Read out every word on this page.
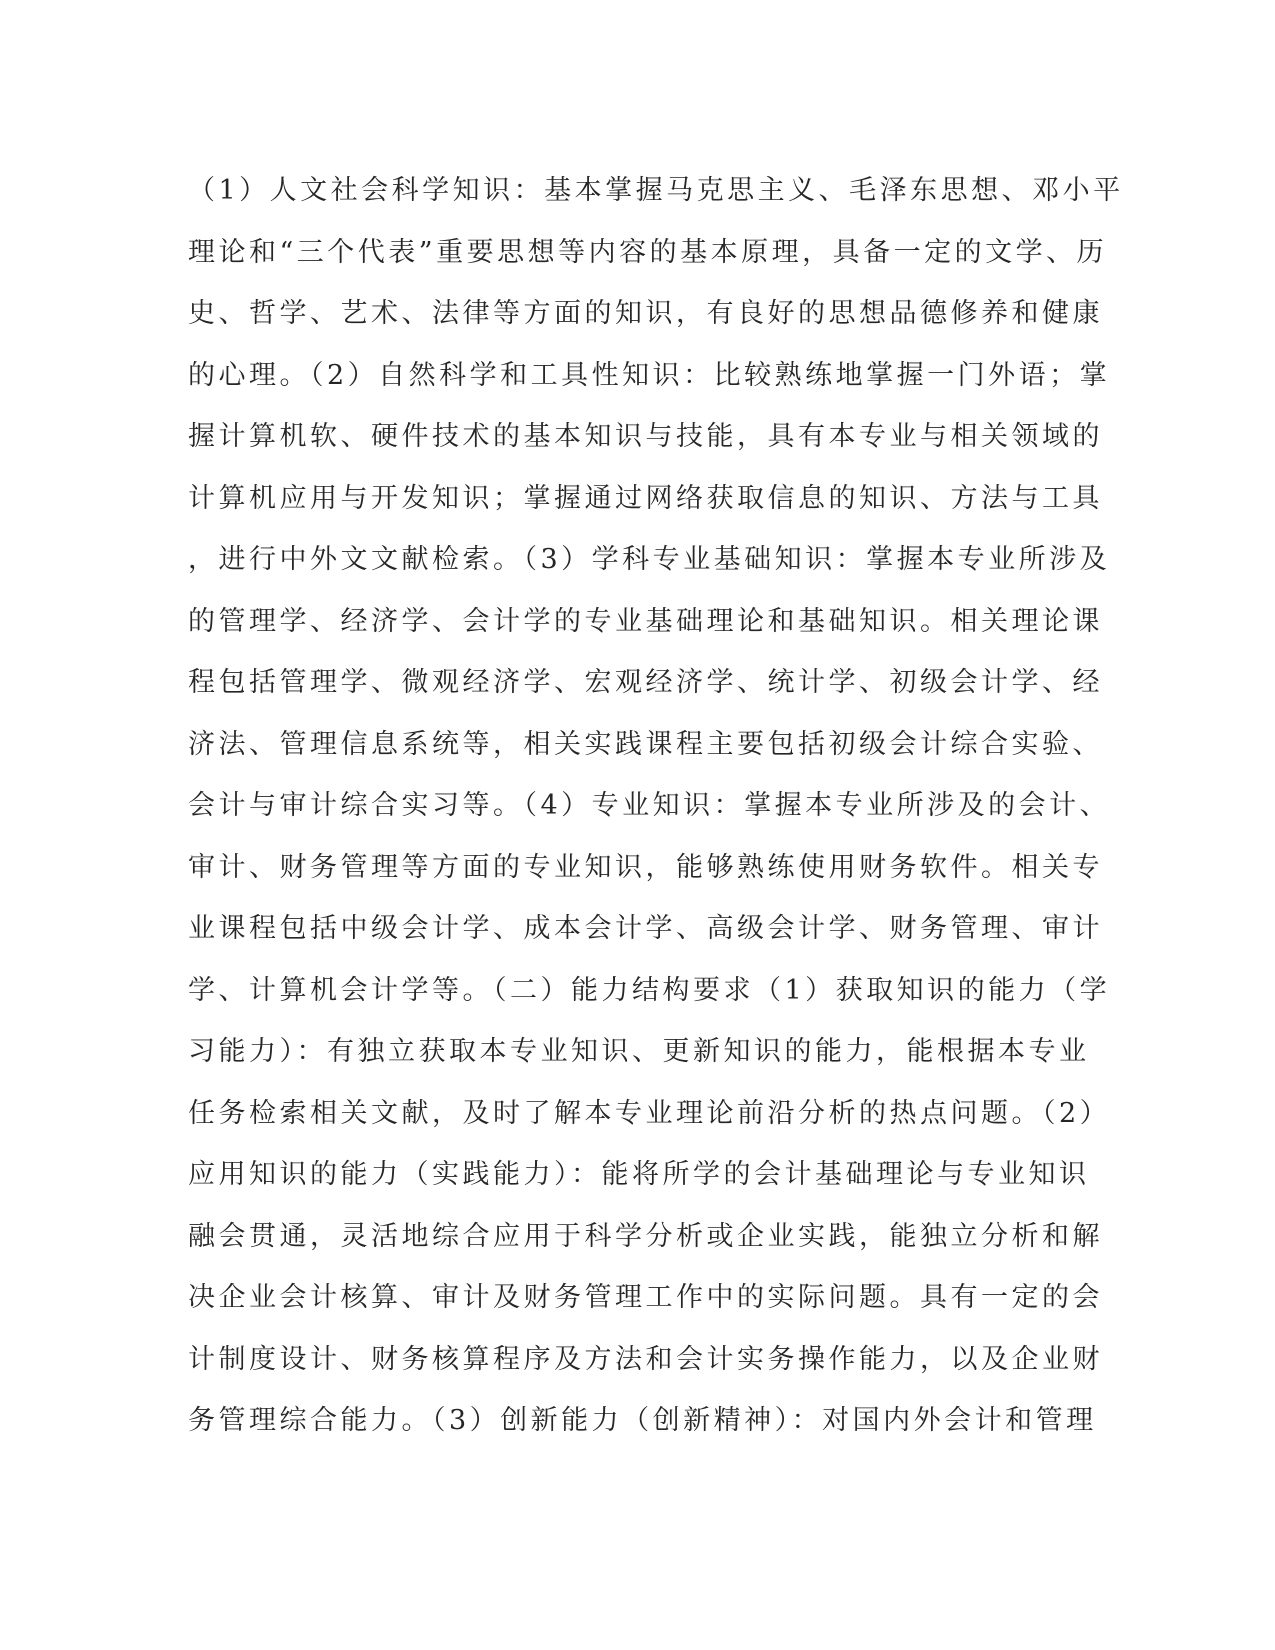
（1）人文社会科学知识：基本掌握马克思主义、毛泽东思想、邓小平
理论和“三个代表”重要思想等内容的基本原理，具备一定的文学、历
史、哲学、艺术、法律等方面的知识，有良好的思想品德修养和健康
的心理。（2）自然科学和工具性知识：比较熟练地掌握一门外语；掌
握计算机软、硬件技术的基本知识与技能，具有本专业与相关领域的
计算机应用与开发知识；掌握通过网络获取信息的知识、方法与工具
，进行中外文文献检索。（3）学科专业基础知识：掌握本专业所涉及
的管理学、经济学、会计学的专业基础理论和基础知识。相关理论课
程包括管理学、微观经济学、宏观经济学、统计学、初级会计学、经
济法、管理信息系统等，相关实践课程主要包括初级会计综合实验、
会计与审计综合实习等。（4）专业知识：掌握本专业所涉及的会计、
审计、财务管理等方面的专业知识，能够熟练使用财务软件。相关专
业课程包括中级会计学、成本会计学、高级会计学、财务管理、审计
学、计算机会计学等。（二）能力结构要求（1）获取知识的能力（学
习能力）：有独立获取本专业知识、更新知识的能力，能根据本专业
任务检索相关文献，及时了解本专业理论前沿分析的热点问题。（2）
应用知识的能力（实践能力）：能将所学的会计基础理论与专业知识
融会贯通，灵活地综合应用于科学分析或企业实践，能独立分析和解
决企业会计核算、审计及财务管理工作中的实际问题。具有一定的会
计制度设计、财务核算程序及方法和会计实务操作能力，以及企业财
务管理综合能力。（3）创新能力（创新精神）：对国内外会计和管理
